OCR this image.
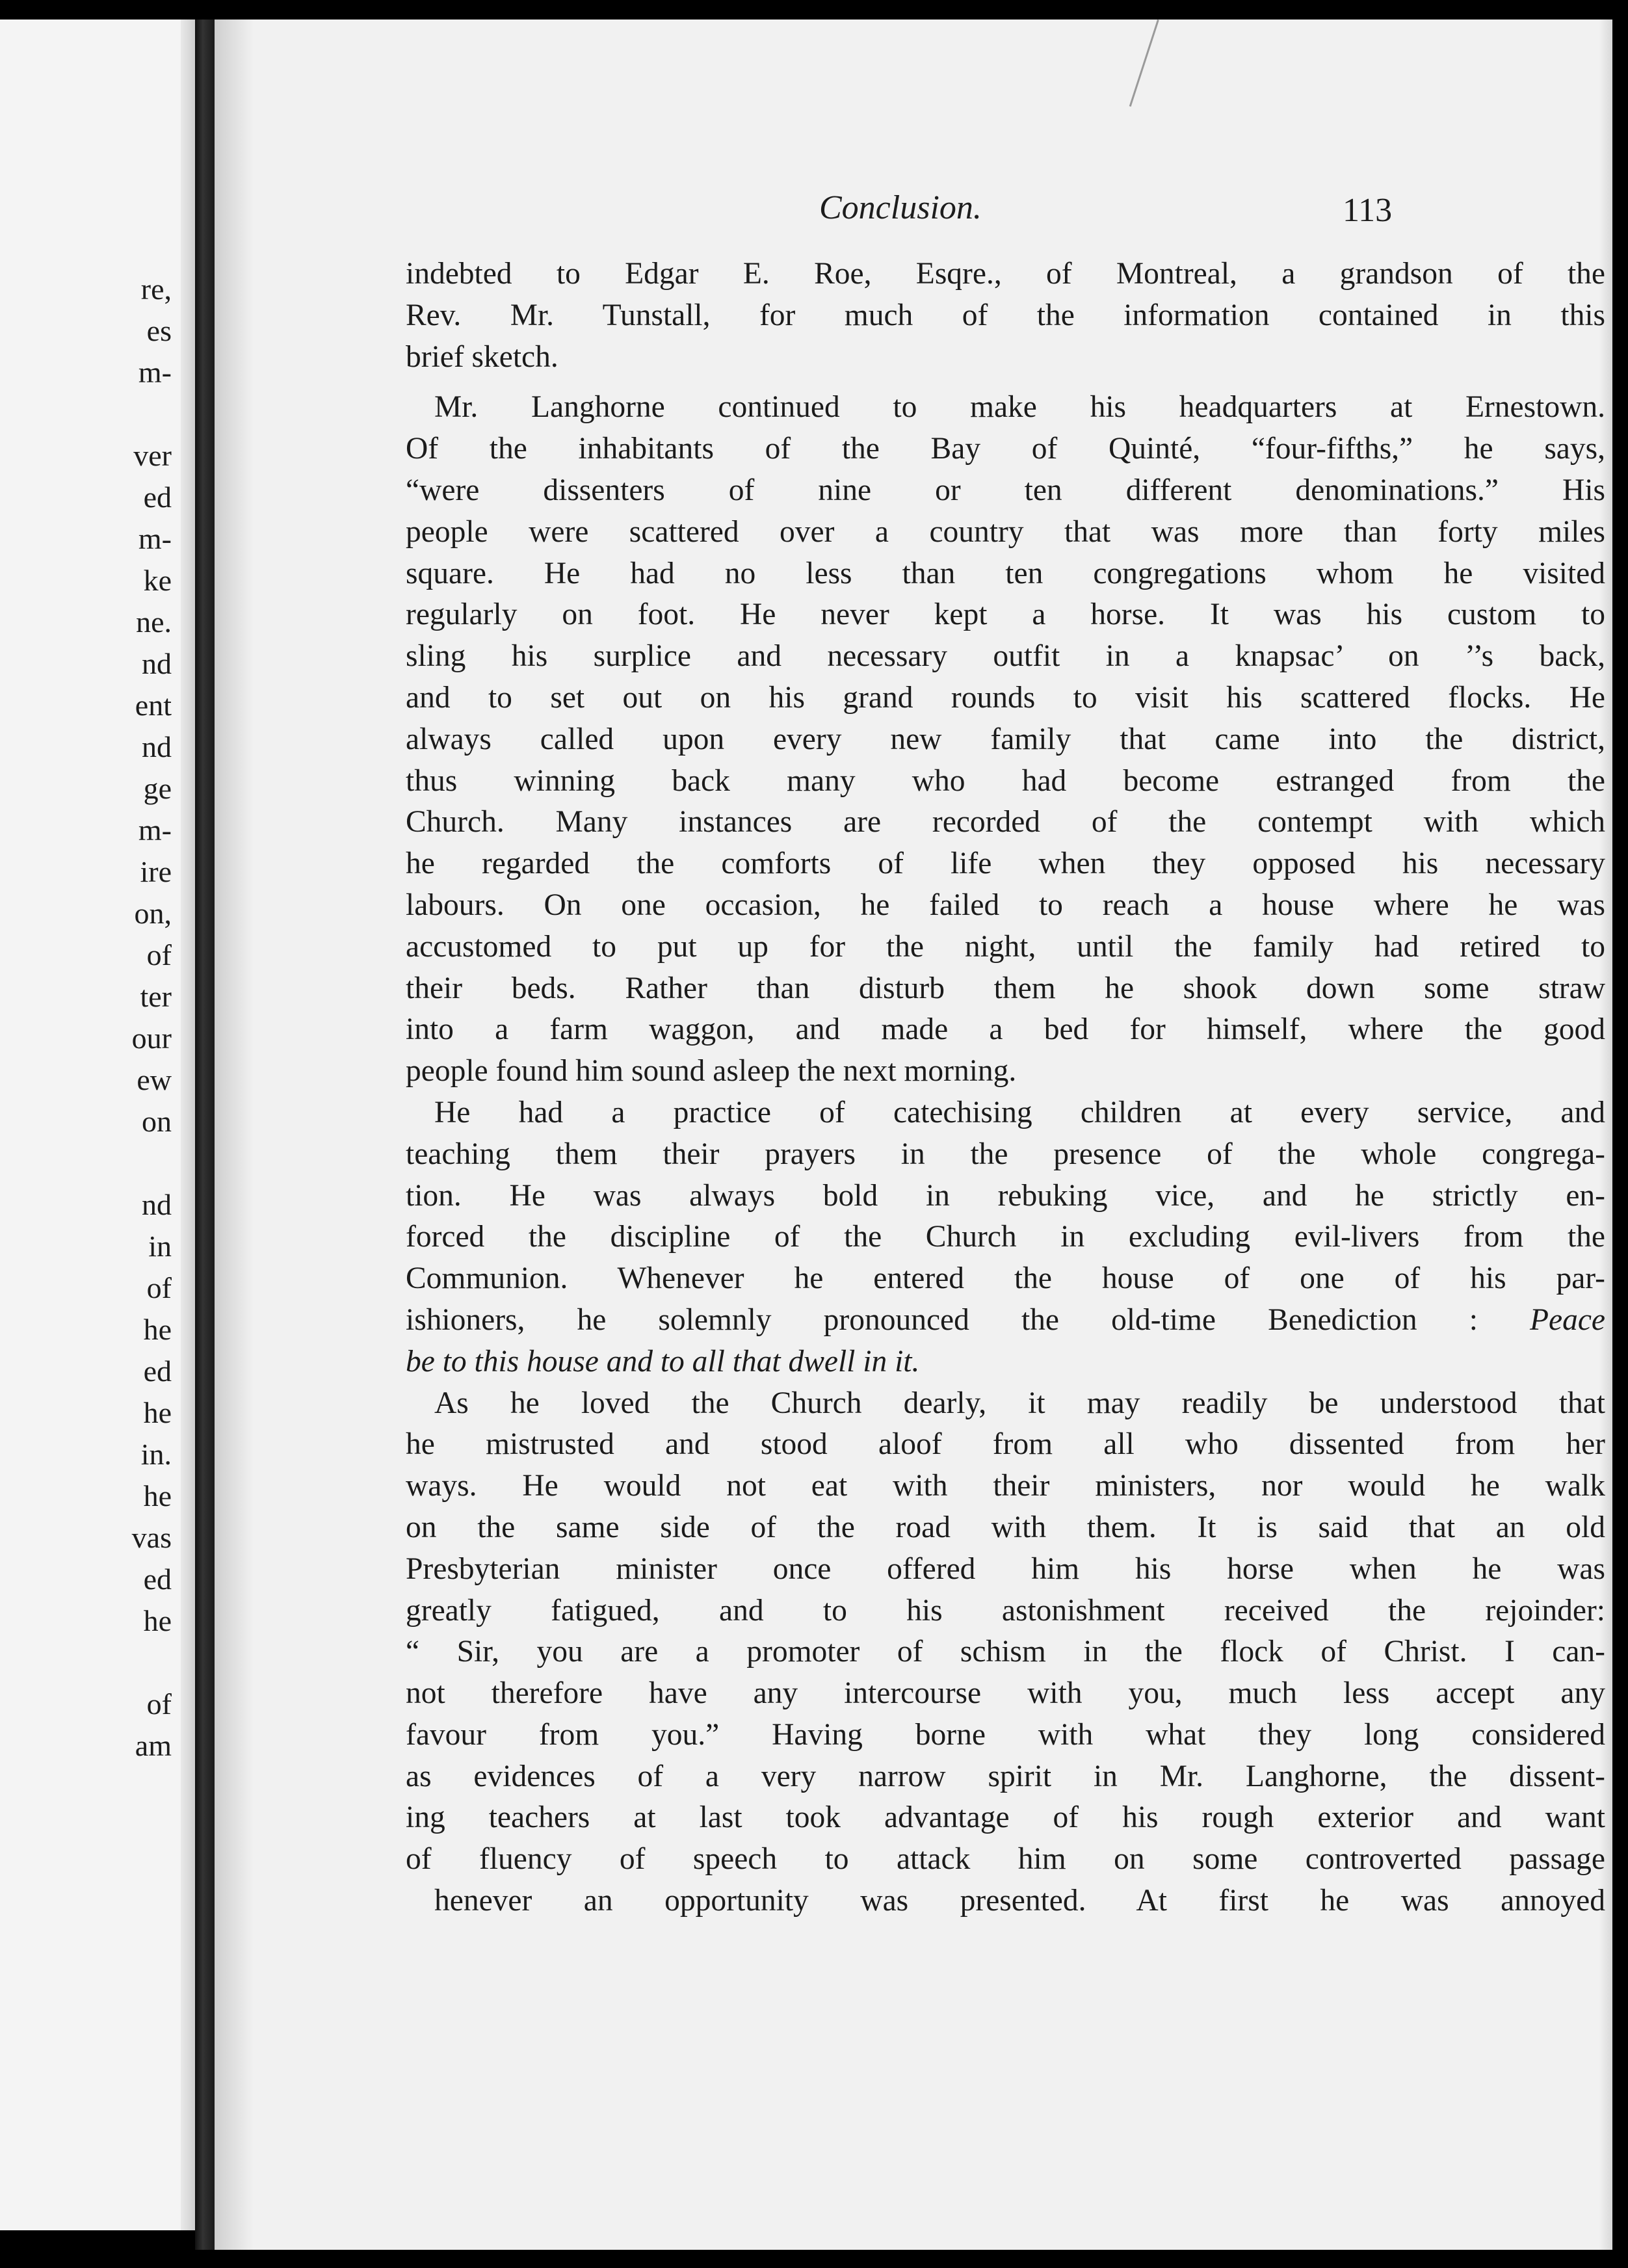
re,
es
m-
ver
ed
m-
ke
ne.
nd
ent
nd
ge
m-
ire
on,
of
ter
our
ew
on
nd
in
of
he
ed
he
in.
he
vas
ed
he
of
am
Conclusion.	113
indebted to Edgar E. Roe, Esqre., of Montreal, a grandson of the
Rev. Mr. Tunstall, for much of the information contained in this
brief sketch.
Mr. Langhorne continued to make his headquarters at Ernestown.
Of the inhabitants of the Bay of Quinté, “four-fifths,” he says,
“were dissenters of nine or ten different denominations.” His
people were scattered over a country that was more than forty miles
square. He had no less than ten congregations whom he visited
regularly on foot. He never kept a horse. It was his custom to
sling his surplice and necessary outfit in a knapsac’ on ’’s back,
and to set out on his grand rounds to visit his scattered flocks. He
always called upon every new family that came into the district,
thus winning back many who had become estranged from the
Church. Many instances are recorded of the contempt with which
he regarded the comforts of life when they opposed his necessary
labours. On one occasion, he failed to reach a house where he was
accustomed to put up for the night, until the family had retired to
their beds. Rather than disturb them he shook down some straw
into a farm waggon, and made a bed for himself, where the good
people found him sound asleep the next morning.
He had a practice of catechising children at every service, and
teaching them their prayers in the presence of the whole congrega-
tion. He was always bold in rebuking vice, and he strictly en-
forced the discipline of the Church in excluding evil-livers from the
Communion. Whenever he entered the house of one of his par-
ishioners, he solemnly pronounced the old-time Benediction : Peace
be to this house and to all that dwell in it.
As he loved the Church dearly, it may readily be understood that
he mistrusted and stood aloof from all who dissented from her
ways. He would not eat with their ministers, nor would he walk
on the same side of the road with them. It is said that an old
Presbyterian minister once offered him his horse when he was
greatly fatigued, and to his astonishment received the rejoinder:
“ Sir, you are a promoter of schism in the flock of Christ. I can-
not therefore have any intercourse with you, much less accept any
favour from you.” Having borne with what they long considered
as evidences of a very narrow spirit in Mr. Langhorne, the dissent-
ing teachers at last took advantage of his rough exterior and want
of fluency of speech to attack him on some controverted passage
henever an opportunity was presented. At first he was annoyed
